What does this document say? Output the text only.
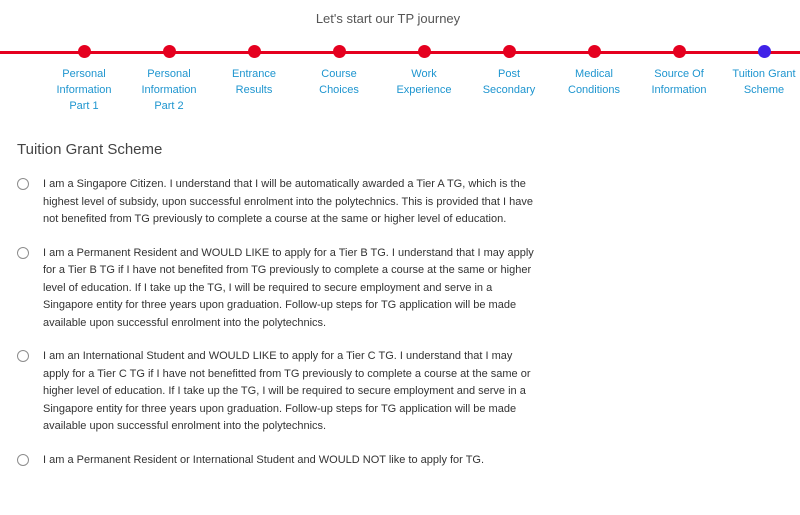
Let's start our TP journey
Personal
Information
Part 1
Personal
Information
Part 2
Entrance
Results
Course
Choices
Work
Experience
Post
Secondary
Medical
Conditions
Source Of
Information
Tuition Grant
Scheme
Tuition Grant Scheme
I am a Singapore Citizen. I understand that I will be automatically awarded a Tier A TG, which is the highest level of subsidy, upon successful enrolment into the polytechnics. This is provided that I have not benefited from TG previously to complete a course at the same or higher level of education.
I am a Permanent Resident and WOULD LIKE to apply for a Tier B TG. I understand that I may apply for a Tier B TG if I have not benefited from TG previously to complete a course at the same or higher level of education. If I take up the TG, I will be required to secure employment and serve in a Singapore entity for three years upon graduation. Follow-up steps for TG application will be made available upon successful enrolment into the polytechnics.
I am an International Student and WOULD LIKE to apply for a Tier C TG. I understand that I may apply for a Tier C TG if I have not benefitted from TG previously to complete a course at the same or higher level of education. If I take up the TG, I will be required to secure employment and serve in a Singapore entity for three years upon graduation. Follow-up steps for TG application will be made available upon successful enrolment into the polytechnics.
I am a Permanent Resident or International Student and WOULD NOT like to apply for TG.
